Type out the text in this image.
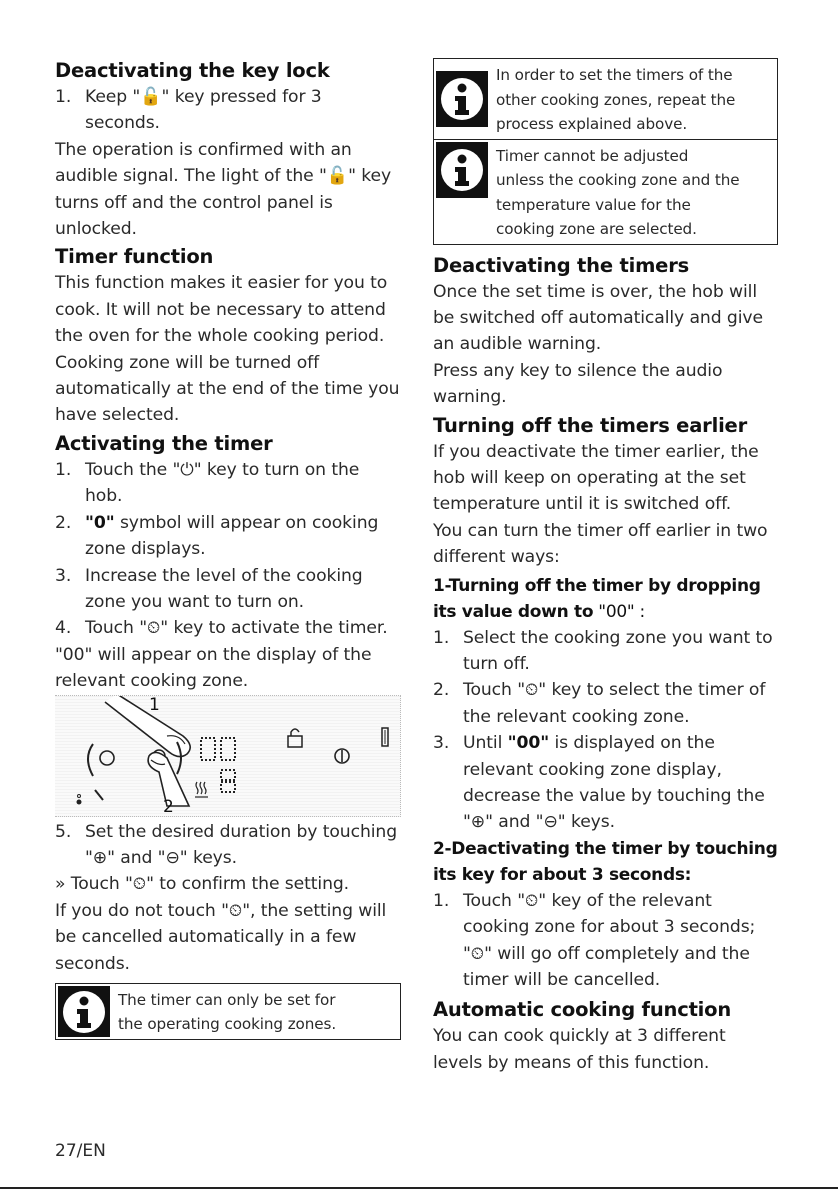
Deactivating the key lock
1. Keep "🔓" key pressed for 3 seconds.

The operation is confirmed with an audible signal. The light of the "🔓" key turns off and the control panel is unlocked.

Timer function

This function makes it easier for you to cook. It will not be necessary to attend the oven for the whole cooking period. Cooking zone will be turned off automatically at the end of the time you have selected.

Activating the timer
1. Touch the "⏻" key to turn on the hob.
2. "0" symbol will appear on cooking zone displays.
3. Increase the level of the cooking zone you want to turn on.
4. Touch "⏲" key to activate the timer.

"00" will appear on the display of the relevant cooking zone.

1
2
5. Set the desired duration by touching "⊕" and "⊖" keys.

» Touch "⏲" to confirm the setting.

If you do not touch "⏲", the setting will be cancelled automatically in a few seconds.

The timer can only be set for
the operating cooking zones.
In order to set the timers of the
other cooking zones, repeat the
process explained above.
Timer cannot be adjusted
unless the cooking zone and the
temperature value for the
cooking zone are selected.
Deactivating the timers

Once the set time is over, the hob will be switched off automatically and give an audible warning.

Press any key to silence the audio warning.

Turning off the timers earlier

If you deactivate the timer earlier, the hob will keep on operating at the set temperature until it is switched off.

You can turn the timer off earlier in two different ways:

1-Turning off the timer by dropping its value down to "00" :
1. Select the cooking zone you want to turn off.
2. Touch "⏲" key to select the timer of the relevant cooking zone.
3. Until "00" is displayed on the relevant cooking zone display, decrease the value by touching the "⊕" and "⊖" keys.
2-Deactivating the timer by touching its key for about 3 seconds:
1. Touch "⏲" key of the relevant cooking zone for about 3 seconds; "⏲" will go off completely and the timer will be cancelled.
Automatic cooking function

You can cook quickly at 3 different levels by means of this function.

27/EN
